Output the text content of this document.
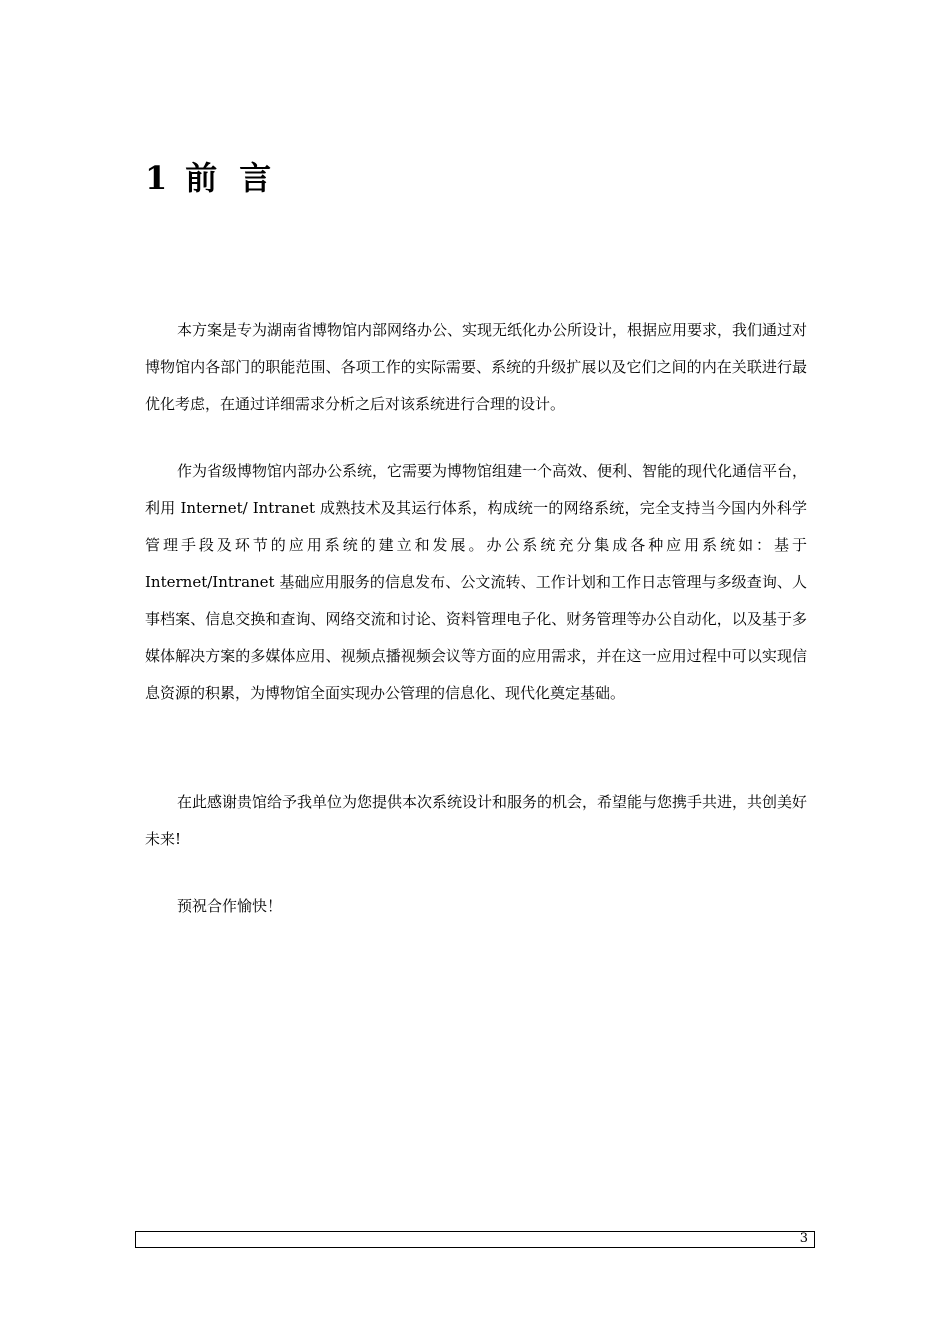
1 前 言

本方案是专为湖南省博物馆内部网络办公、实现无纸化办公所设计，根据应用要求，我们通过对博物馆内各部门的职能范围、各项工作的实际需要、系统的升级扩展以及它们之间的内在关联进行最优化考虑，在通过详细需求分析之后对该系统进行合理的设计。

作为省级博物馆内部办公系统，它需要为博物馆组建一个高效、便利、智能的现代化通信平台，利用 Internet/ Intranet 成熟技术及其运行体系，构成统一的网络系统，完全支持当今国内外科学管理手段及环节的应用系统的建立和发展。办公系统充分集成各种应用系统如：基于 Internet/Intranet 基础应用服务的信息发布、公文流转、工作计划和工作日志管理与多级查询、人事档案、信息交换和查询、网络交流和讨论、资料管理电子化、财务管理等办公自动化，以及基于多媒体解决方案的多媒体应用、视频点播视频会议等方面的应用需求，并在这一应用过程中可以实现信息资源的积累，为博物馆全面实现办公管理的信息化、现代化奠定基础。

在此感谢贵馆给予我单位为您提供本次系统设计和服务的机会，希望能与您携手共进，共创美好未来!

预祝合作愉快！

3
